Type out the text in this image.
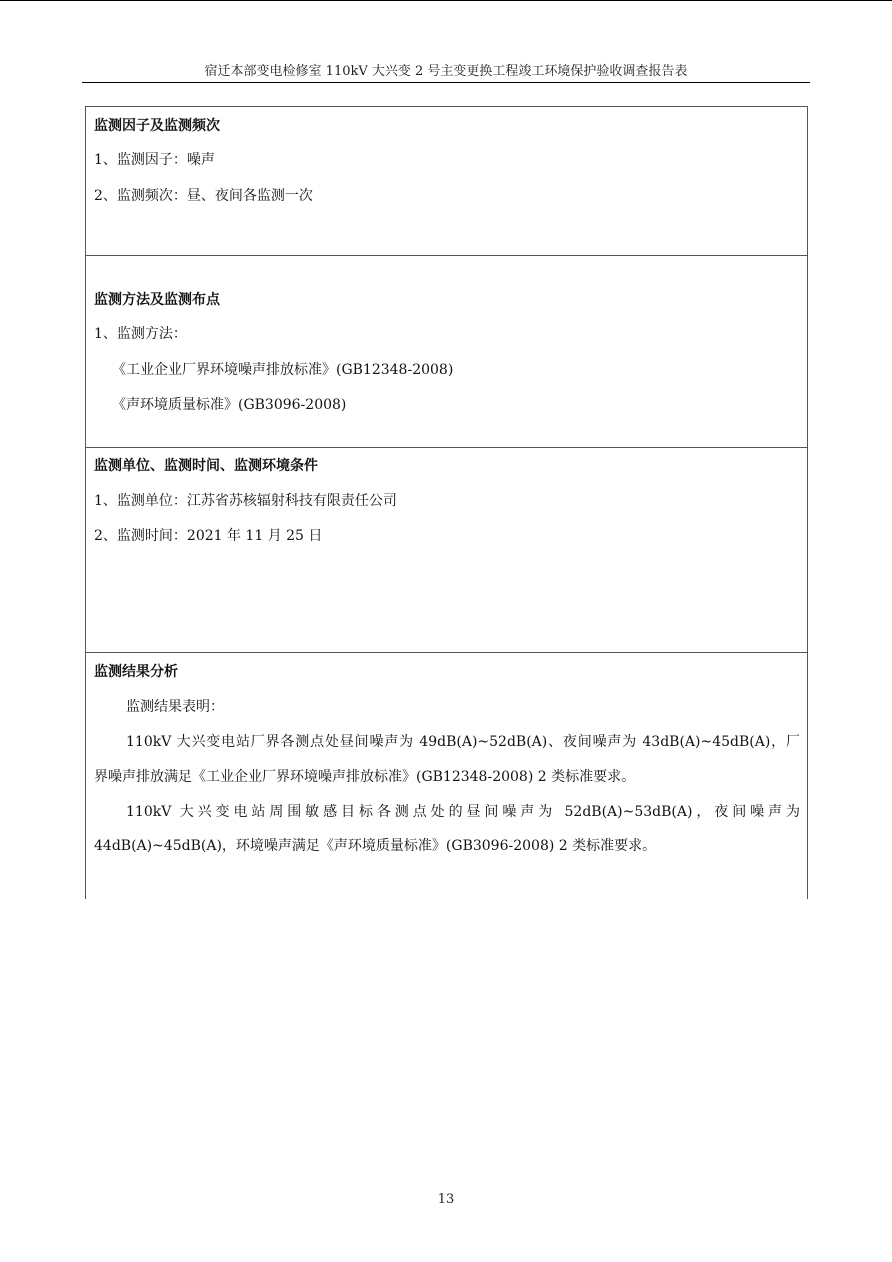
宿迁本部变电检修室 110kV 大兴变 2 号主变更换工程竣工环境保护验收调查报告表
监测因子及监测频次
1、监测因子：噪声
2、监测频次：昼、夜间各监测一次
监测方法及监测布点
1、监测方法：
《工业企业厂界环境噪声排放标准》(GB12348-2008)
《声环境质量标准》(GB3096-2008)
监测单位、监测时间、监测环境条件
1、监测单位：江苏省苏核辐射科技有限责任公司
2、监测时间：2021 年 11 月 25 日
监测结果分析
监测结果表明：
110kV 大兴变电站厂界各测点处昼间噪声为 49dB(A)~52dB(A)、夜间噪声为 43dB(A)~45dB(A)，厂
界噪声排放满足《工业企业厂界环境噪声排放标准》(GB12348-2008) 2 类标准要求。
110kV 大兴变电站周围敏感目标各测点处的昼间噪声为 52dB(A)~53dB(A)，夜间噪声为
44dB(A)~45dB(A)，环境噪声满足《声环境质量标准》(GB3096-2008) 2 类标准要求。
13
